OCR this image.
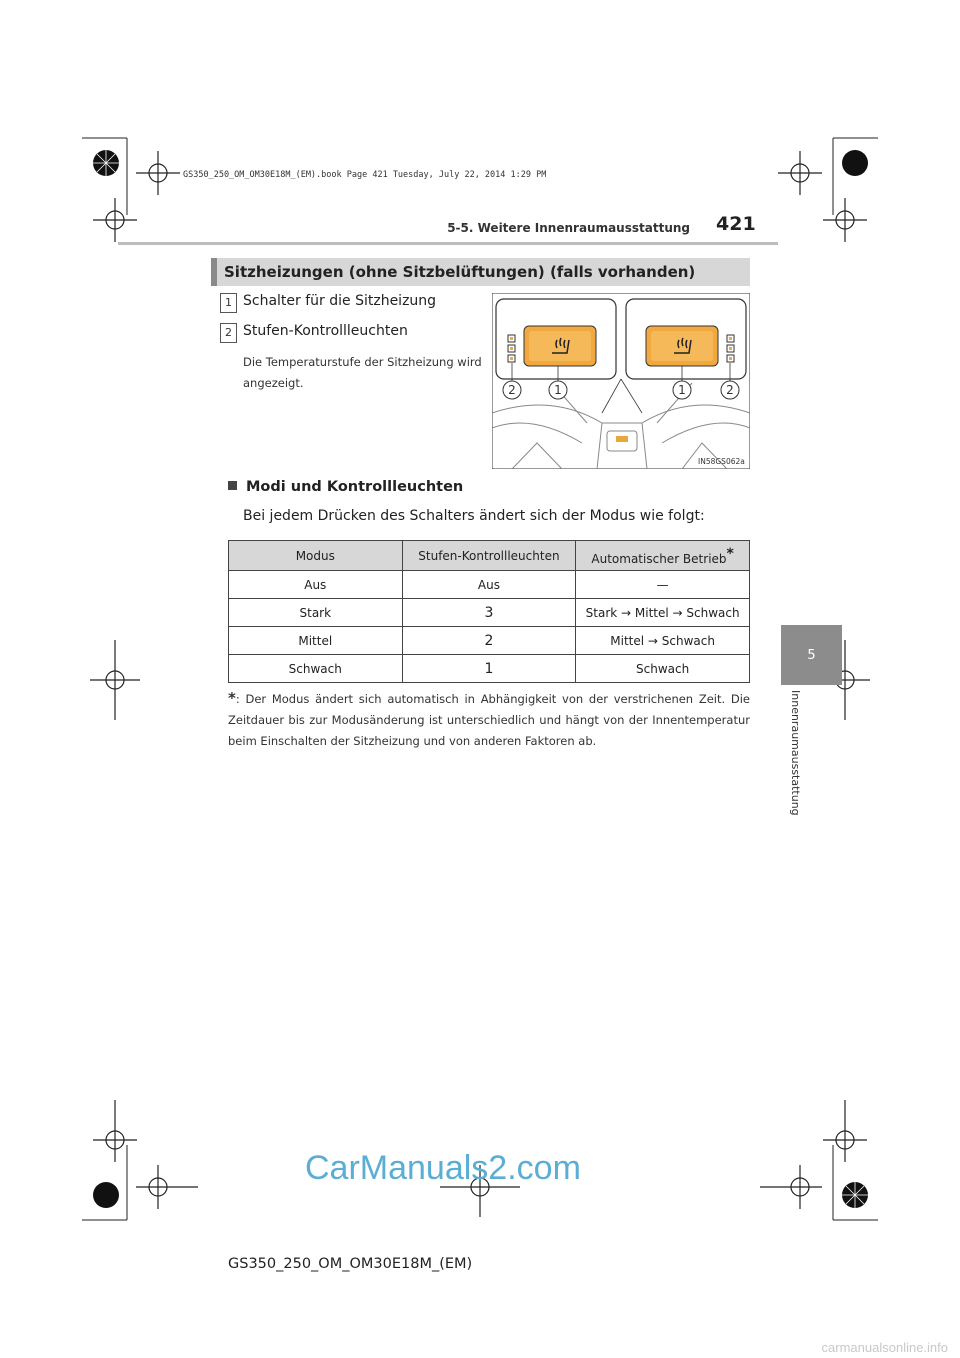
GS350_250_OM_OM30E18M_(EM).book Page 421 Tuesday, July 22, 2014 1:29 PM
5-5. Weitere Innenraumausstattung 421
5
Innenraumausstattung
Sitzheizungen (ohne Sitzbelüftungen) (falls vorhanden)
1 Schalter für die Sitzheizung
2 Stufen-Kontrollleuchten
Die Temperaturstufe der Sitzheizung wird angezeigt.	2	1	1	2
IN58GS062a
Modi und Kontrollleuchten
Bei jedem Drücken des Schalters ändert sich der Modus wie folgt:
Modus	Stufen-Kontrollleuchten	Automatischer Betrieb*
Aus	Aus	—
Stark	3	Stark → Mittel → Schwach
Mittel	2	Mittel → Schwach
Schwach	1	Schwach
*: Der Modus ändert sich automatisch in Abhängigkeit von der verstrichenen Zeit. Die Zeitdauer bis zur Modusänderung ist unterschiedlich und hängt von der Innentemperatur beim Einschalten der Sitzheizung und von anderen Faktoren ab.
GS350_250_OM_OM30E18M_(EM)
CarManuals2.com
carmanualsonline.info
